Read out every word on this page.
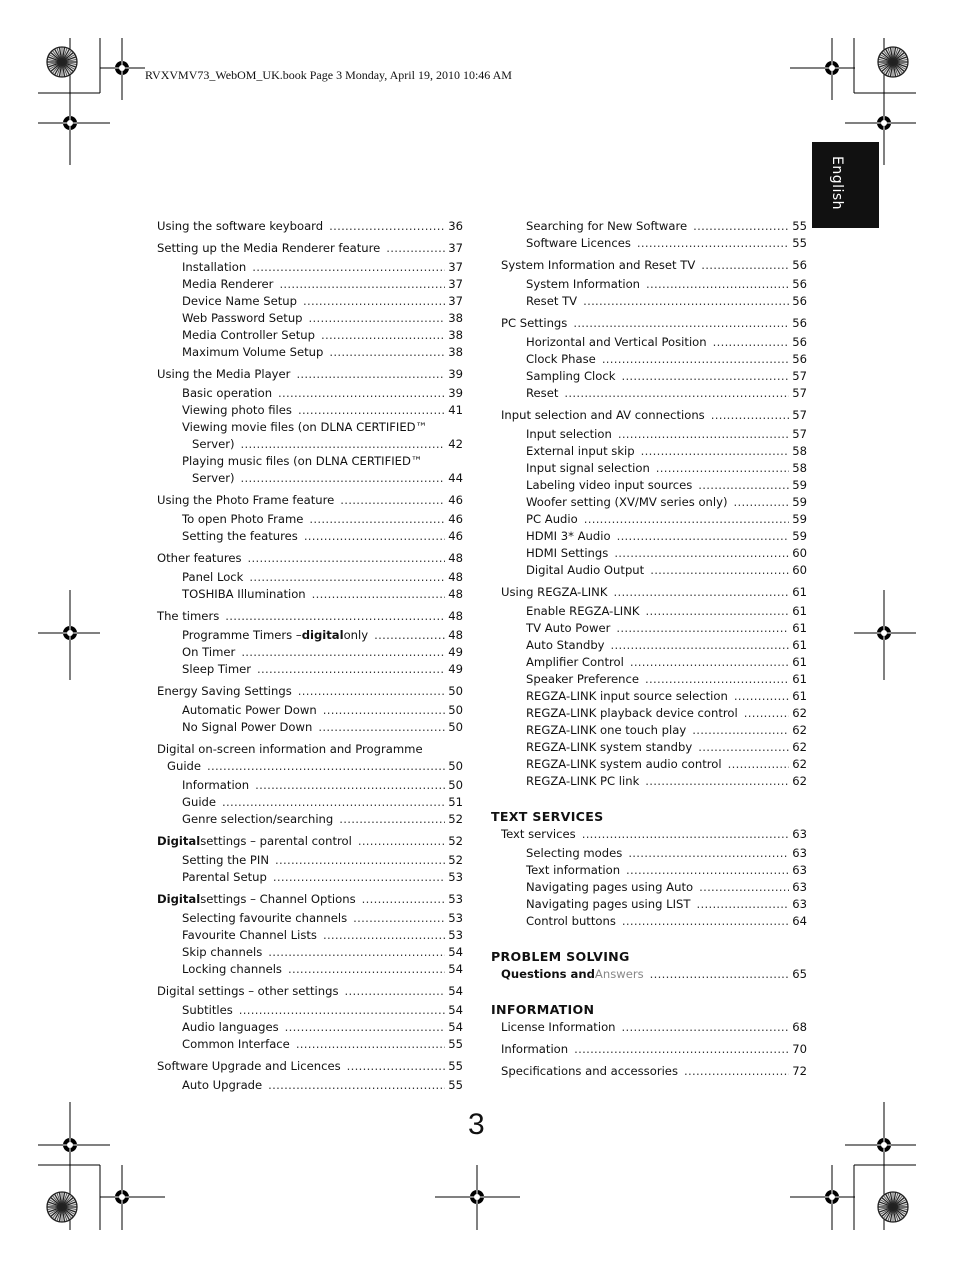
RVXVMV73_WebOM_UK.book Page 3 Monday, April 19, 2010 10:46 AM
English
Using the software keyboard .....	36
Setting up the Media Renderer feature .....	37
Installation .....	37
Media Renderer .....	37
Device Name Setup .....	37
Web Password Setup .....	38
Media Controller Setup .....	38
Maximum Volume Setup .....	38
Using the Media Player .....	39
Basic operation .....	39
Viewing photo files .....	41
Viewing movie files (on DLNA CERTIFIED™
Server) .....	42
Playing music files (on DLNA CERTIFIED™
Server) .....	44
Using the Photo Frame feature .....	46
To open Photo Frame .....	46
Setting the features .....	46
Other features .....	48
Panel Lock .....	48
TOSHIBA Illumination .....	48
The timers .....	48
Programme Timers – digital only .....	48
On Timer .....	49
Sleep Timer .....	49
Energy Saving Settings .....	50
Automatic Power Down .....	50
No Signal Power Down .....	50
Digital on-screen information and Programme
Guide .....	50
Information .....	50
Guide .....	51
Genre selection/searching .....	52
Digital settings – parental control .....	52
Setting the PIN .....	52
Parental Setup .....	53
Digital settings – Channel Options .....	53
Selecting favourite channels .....	53
Favourite Channel Lists .....	53
Skip channels .....	54
Locking channels .....	54
Digital settings – other settings .....	54
Subtitles .....	54
Audio languages .....	54
Common Interface .....	55
Software Upgrade and Licences .....	55
Auto Upgrade .....	55
Searching for New Software .....	55
Software Licences .....	55
System Information and Reset TV .....	56
System Information .....	56
Reset TV .....	56
PC Settings .....	56
Horizontal and Vertical Position .....	56
Clock Phase .....	56
Sampling Clock .....	57
Reset .....	57
Input selection and AV connections .....	57
Input selection .....	57
External input skip .....	58
Input signal selection .....	58
Labeling video input sources .....	59
Woofer setting (XV/MV series only) .....	59
PC Audio .....	59
HDMI 3* Audio .....	59
HDMI Settings .....	60
Digital Audio Output .....	60
Using REGZA-LINK .....	61
Enable REGZA-LINK .....	61
TV Auto Power .....	61
Auto Standby .....	61
Amplifier Control .....	61
Speaker Preference .....	61
REGZA-LINK input source selection .....	61
REGZA-LINK playback device control .....	62
REGZA-LINK one touch play .....	62
REGZA-LINK system standby .....	62
REGZA-LINK system audio control .....	62
REGZA-LINK PC link .....	62
TEXT SERVICES
Text services .....	63
Selecting modes .....	63
Text information .....	63
Navigating pages using Auto .....	63
Navigating pages using LIST .....	63
Control buttons .....	64
PROBLEM SOLVING
Questions and Answers .....	65
INFORMATION
License Information .....	68
Information .....	70
Specifications and accessories .....	72
3
